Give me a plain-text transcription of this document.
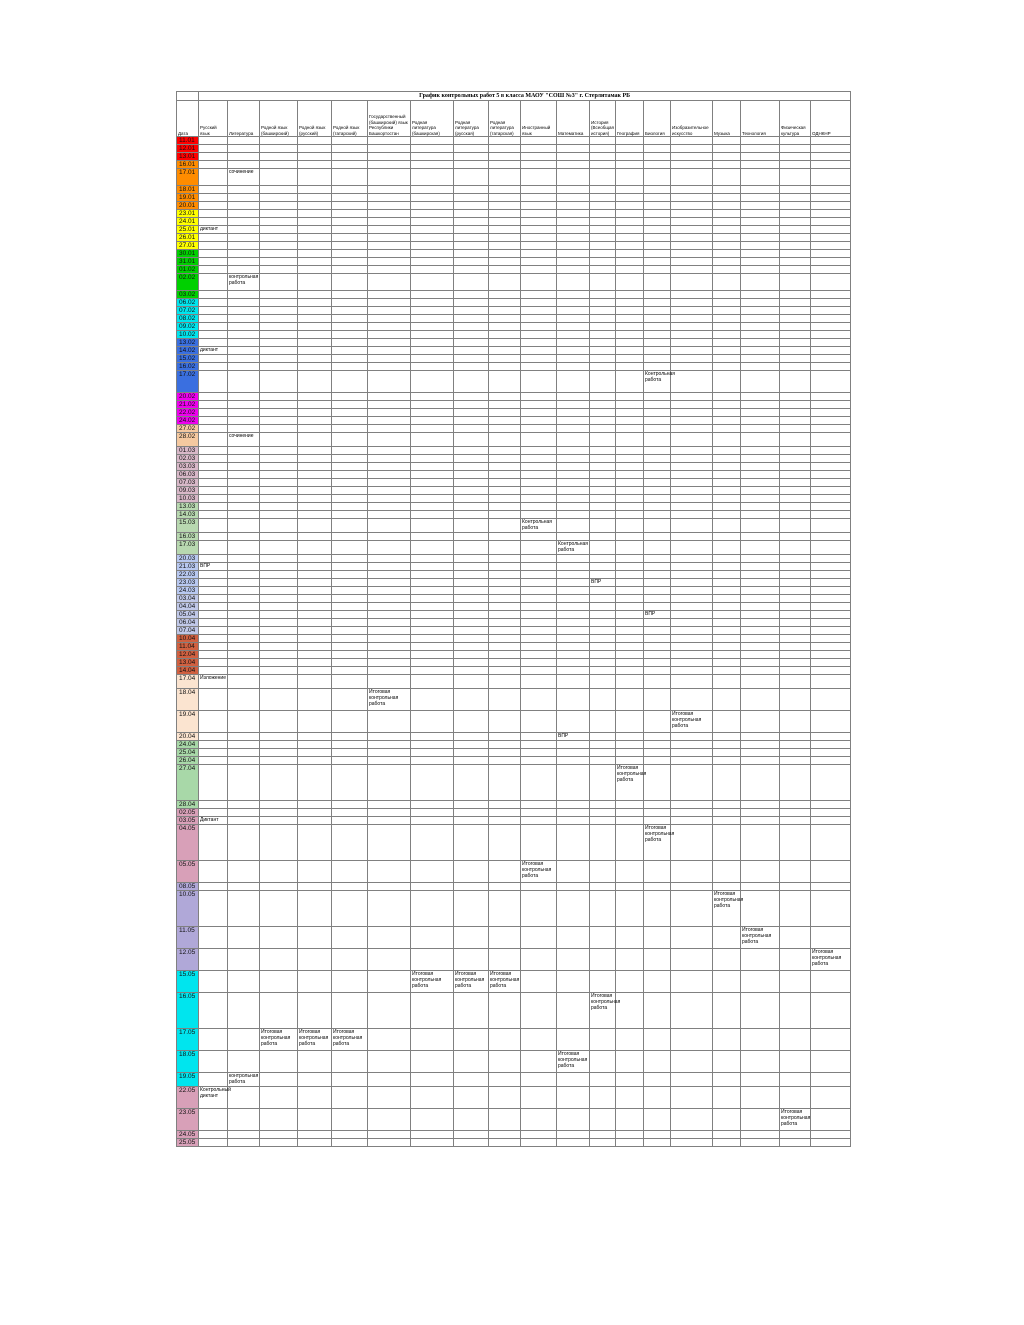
	График контрольных работ 5 в класса МАОУ "СОШ №3" г. Стерлитамак РБ																		
Дата	Русский язык	Литература	Родной язык (башкирский)	Родной язык (русский)	Родной язык (татарский)	Государственный (башкирский) язык Республики Башкортостан	Родная литература (башкирская)	Родная литература (русская)	Родная литература (татарская)	Иностранный язык	Математика	История (Всеобщая история)	География	Биология	Изобразительное искусство	Музыка	Технология	Физическая культура	ОДНКНР
11.01																			
12.01																			
13.01																			
16.01																			
17.01		сочинение																	
18.01																			
19.01																			
20.01																			
23.01																			
24.01																			
25.01	диктант																		
26.01																			
27.01																			
30.01																			
31.01																			
01.02																			
02.02		контрольная работа																	
03.02																			
06.02																			
07.02																			
08.02																			
09.02																			
10.02																			
13.02																			
14.02	диктант																		
15.02																			
16.02																			
17.02														Контрольная работа					
20.02																			
21.02																			
22.02																			
24.02																			
27.02																			
28.02		сочинение																	
01.03																			
02.03																			
03.03																			
06.03																			
07.03																			
09.03																			
10.03																			
13.03																			
14.03																			
15.03										Контрольная работа									
16.03																			
17.03											Контрольная работа								
20.03																			
21.03	ВПР																		
22.03																			
23.03												ВПР							
24.03																			
03.04																			
04.04																			
05.04														ВПР					
06.04																			
07.04																			
10.04																			
11.04																			
12.04																			
13.04																			
14.04																			
17.04	Изложение																		
18.04						Итоговая контрольная работа													
19.04															Итоговая контрольная работа				
20.04											ВПР								
24.04																			
25.04																			
26.04																			
27.04													Итоговая контрольная работа						
28.04																			
02.05																			
03.05	Диктант																		
04.05														Итоговая контрольная работа					
05.05										Итоговая контрольная работа									
08.05																			
10.05																Итоговая контрольная работа			
11.05																	Итоговая контрольная работа		
12.05																			Итоговая контрольная работа
15.05							Итоговая контрольная работа	Итоговая контрольная работа	Итоговая контрольная работа										
16.05												Итоговая контрольная работа							
17.05			Итоговая контрольная работа	Итоговая контрольная работа	Итоговая контрольная работа														
18.05											Итоговая контрольная работа								
19.05		контрольная работа																	
22.05	Контрольный диктант																		
23.05																		Итоговая контрольная работа	
24.05																			
25.05																			
